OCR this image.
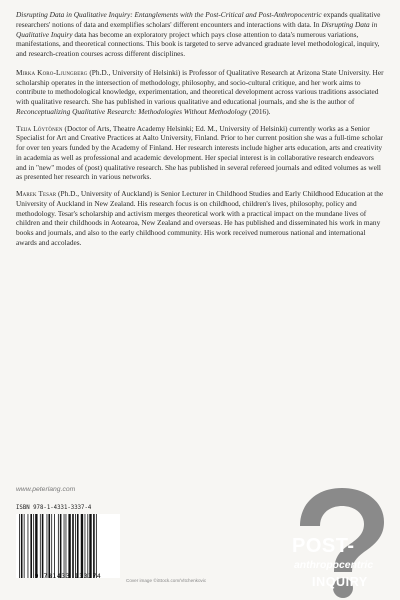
Disrupting Data in Qualitative Inquiry: Entanglements with the Post-Critical and Post-Anthropocentric expands qualitative researchers' notions of data and exemplifies scholars' different encounters and interactions with data. In Disrupting Data in Qualitative Inquiry data has become an exploratory project which pays close attention to data's numerous variations, manifestations, and theoretical connections. This book is targeted to serve advanced graduate level methodological, inquiry, and research-creation courses across different disciplines.

Mirka Koro-Ljungberg (Ph.D., University of Helsinki) is Professor of Qualitative Research at Arizona State University. Her scholarship operates in the intersection of methodology, philosophy, and socio-cultural critique, and her work aims to contribute to methodological knowledge, experimentation, and theoretical development across various traditions associated with qualitative research. She has published in various qualitative and educational journals, and she is the author of Reconceptualizing Qualitative Research: Methodologies Without Methodology (2016).

Teija Löytönen (Doctor of Arts, Theatre Academy Helsinki; Ed. M., University of Helsinki) currently works as a Senior Specialist for Art and Creative Practices at Aalto University, Finland. Prior to her current position she was a full-time scholar for over ten years funded by the Academy of Finland. Her research interests include higher arts education, arts and creativity in academia as well as professional and academic development. Her special interest is in collaborative research endeavors and in "new" modes of (post) qualitative research. She has published in several refereed journals and edited volumes as well as presented her research in various networks.

Marek Tesar (Ph.D., University of Auckland) is Senior Lecturer in Childhood Studies and Early Childhood Education at the University of Auckland in New Zealand. His research focus is on childhood, children's lives, philosophy, policy and methodology. Tesar's scholarship and activism merges theoretical work with a practical impact on the mundane lives of children and their childhoods in Aotearoa, New Zealand and overseas. He has published and disseminated his work in many books and journals, and also to the early childhood community. His work received numerous national and international awards and accolades.

www.peterlang.com
ISBN 978-1-4331-3337-4
9 781433 133374
Cover image ©iStock.com/Vitchenkovic
POST-
anthropocentric
INQUIRY
